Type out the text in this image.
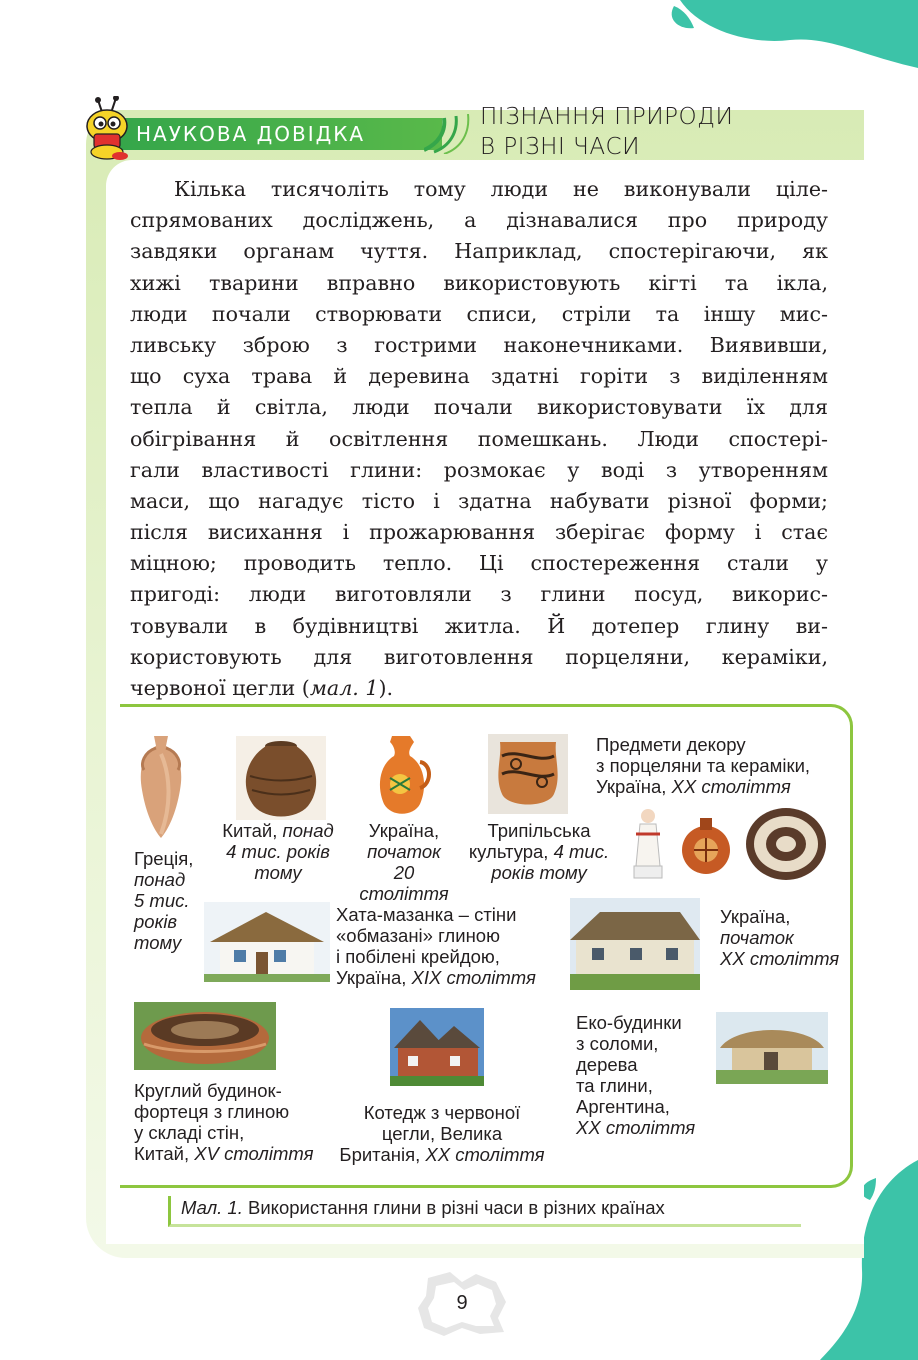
НАУКОВА ДОВІДКА
ПІЗНАННЯ ПРИРОДИ
В РІЗНІ ЧАСИ
Кілька тисячоліть тому люди не виконували ціле-
спрямованих досліджень, а дізнавалися про природу
завдяки органам чуття. Наприклад, спостерігаючи, як
хижі тварини вправно використовують кігті та ікла,
люди почали створювати списи, стріли та іншу мис-
ливську зброю з гострими наконечниками. Виявивши,
що суха трава й деревина здатні горіти з виділенням
тепла й світла, люди почали використовувати їх для
обігрівання й освітлення помешкань. Люди спостері-
гали властивості глини: розмокає у воді з утворенням
маси, що нагадує тісто і здатна набувати різної форми;
після висихання і прожарювання зберігає форму і стає
міцною; проводить тепло. Ці спостереження стали у
пригоді: люди виготовляли з глини посуд, викорис-
товували в будівництві житла. Й дотепер глину ви-
користовують для виготовлення порцеляни, кераміки,
червоної цегли (мал. 1).
Греція,
понад
5 тис.
років
тому
Китай, понад
4 тис. років
тому
Україна,
початок
20 століття
Трипільська
культура, 4 тис.
років тому
Предмети декору
з порцеляни та кераміки,
Україна, XX століття
Хата-мазанка – стіни
«обмазані» глиною
і побілені крейдою,
Україна, XIX століття
Україна,
початок
XX століття
Круглий будинок-
фортеця з глиною
у складі стін,
Китай, XV століття
Котедж з червоної
цегли, Велика
Британія, XX століття
Еко-будинки
з соломи,
дерева
та глини,
Аргентина,
XX століття
Мал. 1. Використання глини в різні часи в різних країнах
9
